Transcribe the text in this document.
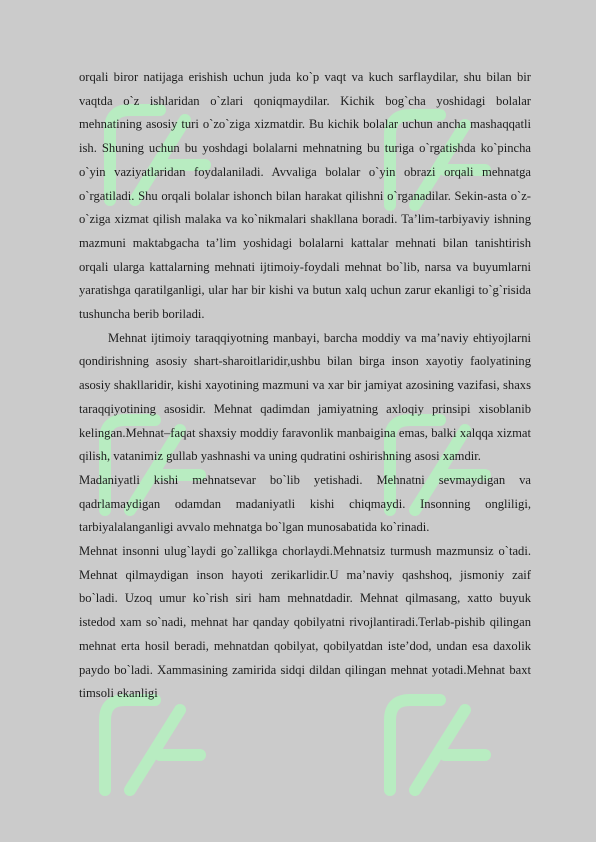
orqali biror natijaga erishish uchun juda ko`p vaqt va kuch sarflaydilar, shu bilan bir vaqtda o`z ishlaridan o`zlari qoniqmaydilar. Kichik bog`cha yoshidagi bolalar mehnatining asosiy turi o`zo`ziga xizmatdir. Bu kichik bolalar uchun ancha mashaqqatli ish. Shuning uchun bu yoshdagi bolalarni mehnatning bu turiga o`rgatishda ko`pincha o`yin vaziyatlaridan foydalaniladi. Avvaliga bolalar o`yin obrazi orqali mehnatga o`rgatiladi. Shu orqali bolalar ishonch bilan harakat qilishni o`rganadilar. Sekin-asta o`z- o`ziga xizmat qilish malaka va ko`nikmalari shakllana boradi. Ta’lim-tarbiyaviy ishning mazmuni maktabgacha ta’lim yoshidagi bolalarni kattalar mehnati bilan tanishtirish orqali ularga kattalarning mehnati ijtimoiy-foydali mehnat bo`lib, narsa va buyumlarni yaratishga qaratilganligi, ular har bir kishi va butun xalq uchun zarur ekanligi to`g`risida tushuncha berib boriladi.

Mehnat ijtimoiy taraqqiyotning manbayi, barcha moddiy va ma’naviy ehtiyojlarni qondirishning asosiy shart-sharoitlaridir,ushbu bilan birga inson xayotiy faolyatining asosiy shakllaridir, kishi xayotining mazmuni va xar bir jamiyat azosining vazifasi, shaxs taraqqiyotining asosidir. Mehnat qadimdan jamiyatning axloqiy prinsipi xisoblanib kelingan.Mehnat–faqat shaxsiy moddiy faravonlik manbaigina emas, balki xalqqa xizmat qilish, vatanimiz gullab yashnashi va uning qudratini oshirishning asosi xamdir.

Madaniyatli kishi mehnatsevar bo`lib yetishadi. Mehnatni sevmaydigan va qadrlamaydigan odamdan madaniyatli kishi chiqmaydi. Insonning ongliligi, tarbiyalalanganligi avvalo mehnatga bo`lgan munosabatida ko`rinadi.

Mehnat insonni ulug`laydi go`zallikga chorlaydi.Mehnatsiz turmush mazmunsiz o`tadi. Mehnat qilmaydigan inson hayoti zerikarlidir.U ma’naviy qashshoq, jismoniy zaif bo`ladi. Uzoq umur ko`rish siri ham mehnatdadir. Mehnat qilmasang, xatto buyuk istedod xam so`nadi, mehnat har qanday qobilyatni rivojlantiradi.Terlab-pishib qilingan mehnat erta hosil beradi, mehnatdan qobilyat, qobilyatdan iste’dod, undan esa daxolik paydo bo`ladi. Xammasining zamirida sidqi dildan qilingan mehnat yotadi.Mehnat baxt timsoli ekanligi
